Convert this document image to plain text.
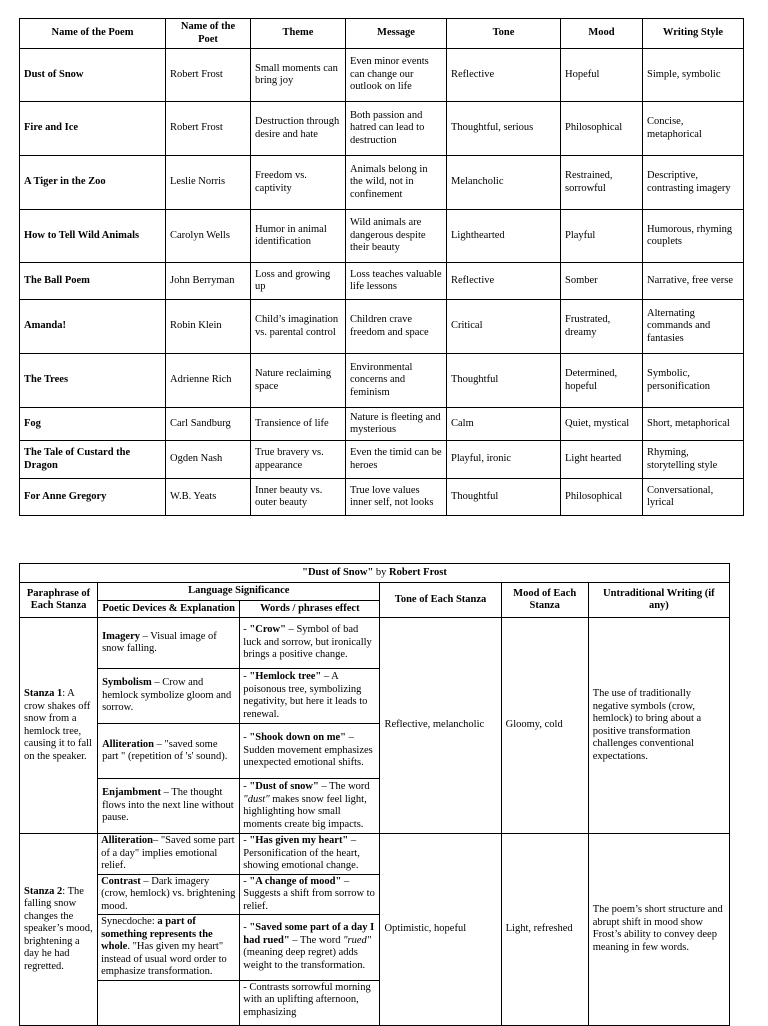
Name of the Poem	Name of the Poet	Theme	Message	Tone	Mood	Writing Style
Dust of Snow	Robert Frost	Small moments can bring joy	Even minor events can change our outlook on life	Reflective	Hopeful	Simple, symbolic
Fire and Ice	Robert Frost	Destruction through desire and hate	Both passion and hatred can lead to destruction	Thoughtful, serious	Philosophical	Concise, metaphorical
A Tiger in the Zoo	Leslie Norris	Freedom vs. captivity	Animals belong in the wild, not in confinement	Melancholic	Restrained, sorrowful	Descriptive, contrasting imagery
How to Tell Wild Animals	Carolyn Wells	Humor in animal identification	Wild animals are dangerous despite their beauty	Lighthearted	Playful	Humorous, rhyming couplets
The Ball Poem	John Berryman	Loss and growing up	Loss teaches valuable life lessons	Reflective	Somber	Narrative, free verse
Amanda!	Robin Klein	Child’s imagination vs. parental control	Children crave freedom and space	Critical	Frustrated, dreamy	Alternating commands and fantasies
The Trees	Adrienne Rich	Nature reclaiming space	Environmental concerns and feminism	Thoughtful	Determined, hopeful	Symbolic, personification
Fog	Carl Sandburg	Transience of life	Nature is fleeting and mysterious	Calm	Quiet, mystical	Short, metaphorical
The Tale of Custard the Dragon	Ogden Nash	True bravery vs. appearance	Even the timid can be heroes	Playful, ironic	Light hearted	Rhyming, storytelling style
For Anne Gregory	W.B. Yeats	Inner beauty vs. outer beauty	True love values inner self, not looks	Thoughtful	Philosophical	Conversational, lyrical
"Dust of Snow" by Robert Frost					
Paraphrase of Each Stanza	Language Significance		Tone of Each Stanza	Mood of Each Stanza	Untraditional Writing (if any)
	Poetic Devices & Explanation	Words / phrases effect			
Stanza 1: A crow shakes off snow from a hemlock tree, causing it to fall on the speaker.	Imagery – Visual image of snow falling.	- "Crow" – Symbol of bad luck and sorrow, but ironically brings a positive change.	Reflective, melancholic	Gloomy, cold	The use of traditionally negative symbols (crow, hemlock) to bring about a positive transformation challenges conventional expectations.
	Symbolism – Crow and hemlock symbolize gloom and sorrow.	- "Hemlock tree" – A poisonous tree, symbolizing negativity, but here it leads to renewal.			
	Alliteration – "saved some part " (repetition of 's' sound).	- "Shook down on me" – Sudden movement emphasizes unexpected emotional shifts.			
	Enjambment – The thought flows into the next line without pause.	- "Dust of snow" – The word "dust" makes snow feel light, highlighting how small moments create big impacts.			
Stanza 2: The falling snow changes the speaker’s mood, brightening a day he had regretted.	Alliteration– "Saved some part of a day" implies emotional relief.	- "Has given my heart" – Personification of the heart, showing emotional change.	Optimistic, hopeful	Light, refreshed	The poem’s short structure and abrupt shift in mood show Frost’s ability to convey deep meaning in few words.
	Contrast – Dark imagery (crow, hemlock) vs. brightening mood.	- "A change of mood" – Suggests a shift from sorrow to relief.			
	Synecdoche: a part of something represents the whole. "Has given my heart" instead of usual word order to emphasize transformation.	- "Saved some part of a day I had rued" – The word "rued" (meaning deep regret) adds weight to the transformation.			
		- Contrasts sorrowful morning with an uplifting afternoon, emphasizing			
